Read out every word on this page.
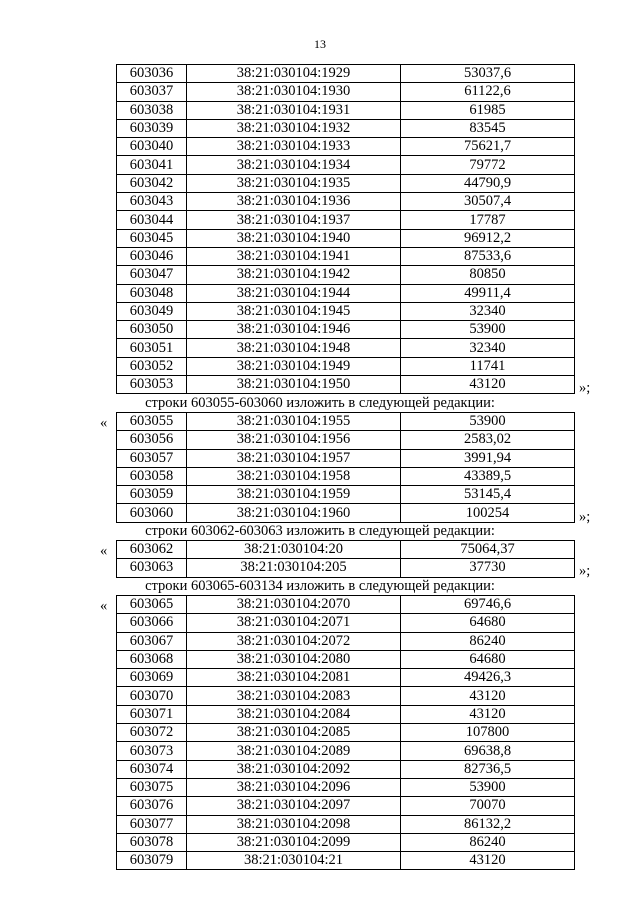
13
603036	38:21:030104:1929	53037,6
603037	38:21:030104:1930	61122,6
603038	38:21:030104:1931	61985
603039	38:21:030104:1932	83545
603040	38:21:030104:1933	75621,7
603041	38:21:030104:1934	79772
603042	38:21:030104:1935	44790,9
603043	38:21:030104:1936	30507,4
603044	38:21:030104:1937	17787
603045	38:21:030104:1940	96912,2
603046	38:21:030104:1941	87533,6
603047	38:21:030104:1942	80850
603048	38:21:030104:1944	49911,4
603049	38:21:030104:1945	32340
603050	38:21:030104:1946	53900
603051	38:21:030104:1948	32340
603052	38:21:030104:1949	11741
603053	38:21:030104:1950	43120	»;
строки 603055-603060 изложить в следующей редакции:
603055	38:21:030104:1955	53900
603056	38:21:030104:1956	2583,02
603057	38:21:030104:1957	3991,94
603058	38:21:030104:1958	43389,5
603059	38:21:030104:1959	53145,4
603060	38:21:030104:1960	100254
«
»;
строки 603062-603063 изложить в следующей редакции:
603062	38:21:030104:20	75064,37
603063	38:21:030104:205	37730
«
»;
строки 603065-603134 изложить в следующей редакции:
603065	38:21:030104:2070	69746,6
603066	38:21:030104:2071	64680
603067	38:21:030104:2072	86240
603068	38:21:030104:2080	64680
603069	38:21:030104:2081	49426,3
603070	38:21:030104:2083	43120
603071	38:21:030104:2084	43120
603072	38:21:030104:2085	107800
603073	38:21:030104:2089	69638,8
603074	38:21:030104:2092	82736,5
603075	38:21:030104:2096	53900
603076	38:21:030104:2097	70070
603077	38:21:030104:2098	86132,2
603078	38:21:030104:2099	86240
603079	38:21:030104:21	43120
«
